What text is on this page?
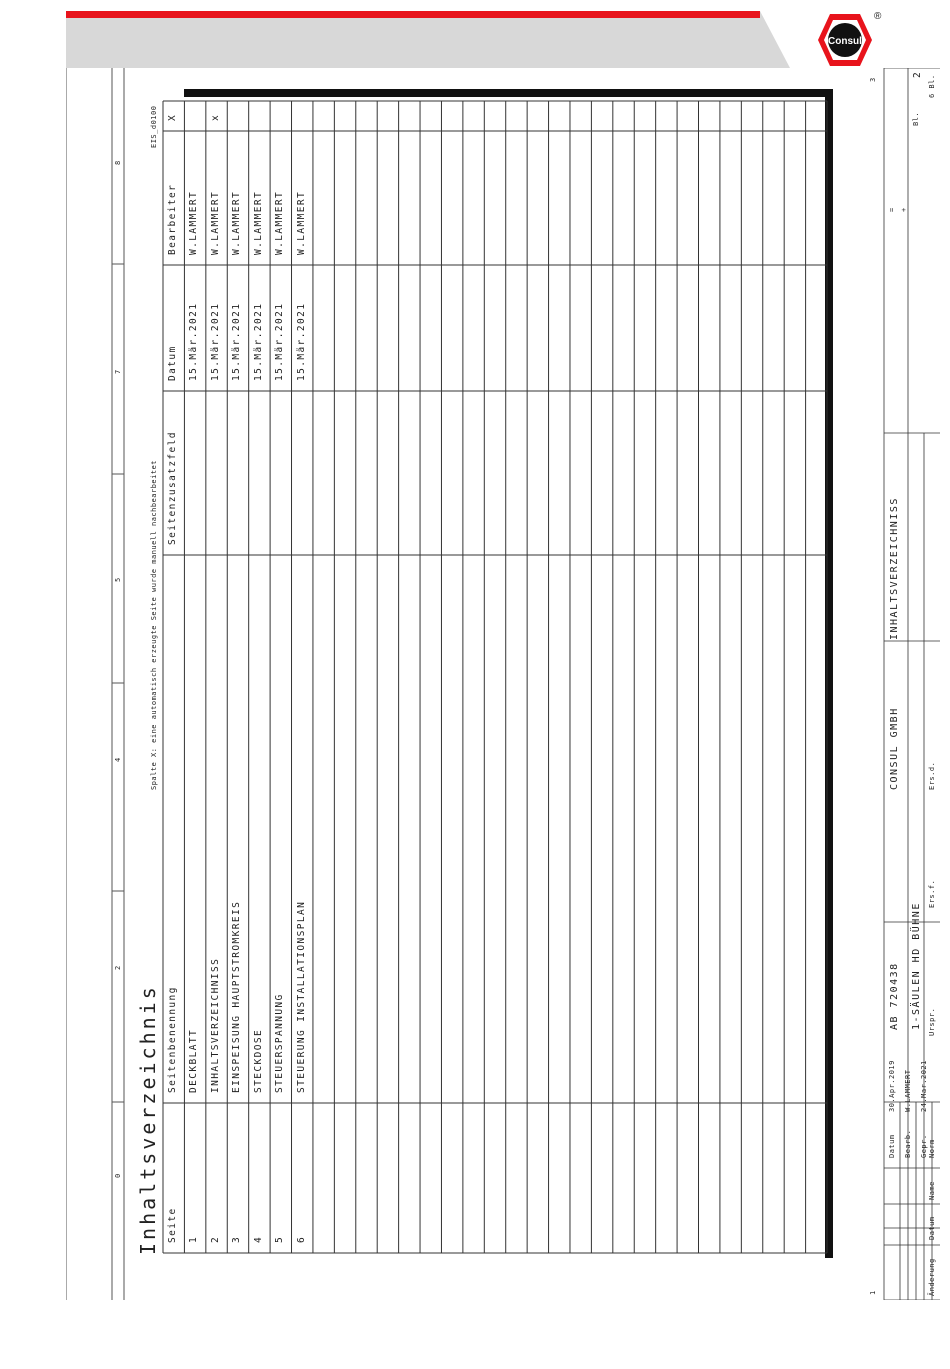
Consul
®
Inhaltsverzeichnis
Spalte X: eine automatisch erzeugte Seite wurde manuell nachbearbeitet
EIS_d0100
0
2
4
5
7
8
1
3
Seite
Seitenbenennung
Seitenzusatzfeld
Datum
Bearbeiter
X
1
DECKBLATT
15.Mär.2021
W.LAMMERT
2
INHALTSVERZEICHNISS
15.Mär.2021
W.LAMMERT
x
3
EINSPEISUNG HAUPTSTROMKREIS
15.Mär.2021
W.LAMMERT
4
STECKDOSE
15.Mär.2021
W.LAMMERT
5
STEUERSPANNUNG
15.Mär.2021
W.LAMMERT
6
STEUERUNG INSTALLATIONSPLAN
15.Mär.2021
W.LAMMERT
Datum Bearb. Gepr. Norm
30.Apr.2019 W.LAMMERT 24.Mar.2021
Änderung
Datum
Name
Urspr.
Ers.f.
Ers.d.
AB 720438 1-SÄULEN HD BÜHNE
CONSUL GMBH
INHALTSVERZEICHNISS
= +
Bl.
2 6 Bl.
